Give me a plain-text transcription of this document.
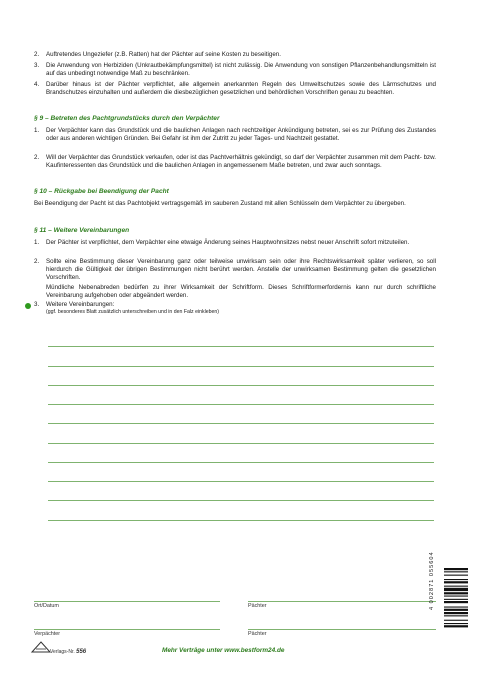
2.	Auftretendes Ungeziefer (z.B. Ratten) hat der Pächter auf seine Kosten zu beseitigen.
3.	Die Anwendung von Herbiziden (Unkrautbekämpfungsmittel) ist nicht zulässig. Die Anwendung von sonstigen Pflanzenbehandlungsmitteln ist auf das unbedingt notwendige Maß zu beschränken.
4.	Darüber hinaus ist der Pächter verpflichtet, alle allgemein anerkannten Regeln des Umweltschutzes sowie des Lärmschutzes und Brandschutzes einzuhalten und außerdem die diesbezüglichen gesetzlichen und behördlichen Vorschriften genau zu beachten.
§ 9 – Betreten des Pachtgrundstücks durch den Verpächter
1.	Der Verpächter kann das Grundstück und die baulichen Anlagen nach rechtzeitiger Ankündigung betreten, sei es zur Prüfung des Zustandes oder aus anderen wichtigen Gründen. Bei Gefahr ist ihm der Zutritt zu jeder Tages- und Nachtzeit gestattet.
2.	Will der Verpächter das Grundstück verkaufen, oder ist das Pachtverhältnis gekündigt, so darf der Verpächter zusammen mit dem Pacht- bzw. Kaufinteressenten das Grundstück und die baulichen Anlagen in angemessenem Maße betreten, und zwar auch sonntags.
§ 10 – Rückgabe bei Beendigung der Pacht
Bei Beendigung der Pacht ist das Pachtobjekt vertragsgemäß im sauberen Zustand mit allen Schlüsseln dem Verpächter zu übergeben.
§ 11 – Weitere Vereinbarungen
1.	Der Pächter ist verpflichtet, dem Verpächter eine etwaige Änderung seines Hauptwohnsitzes nebst neuer Anschrift sofort mitzuteilen.
2.	Sollte eine Bestimmung dieser Vereinbarung ganz oder teilweise unwirksam sein oder ihre Rechtswirksamkeit später verlieren, so soll hierdurch die Gültigkeit der übrigen Bestimmungen nicht berührt werden. Anstelle der unwirksamen Bestimmung gelten die gesetzlichen Vorschriften.
Mündliche Nebenabreden bedürfen zu ihrer Wirksamkeit der Schriftform. Dieses Schriftformerfordernis kann nur durch schriftliche Vereinbarung aufgehoben oder abgeändert werden.
3.	Weitere Vereinbarungen:
(ggf. besonderes Blatt zusätzlich unterschreiben und in den Falz einkleben)
Ort/Datum	Pächter
Verpächter	Pächter
Verlags-Nr. 556	Mehr Verträge unter www.bestform24.de
4 002871 055604
